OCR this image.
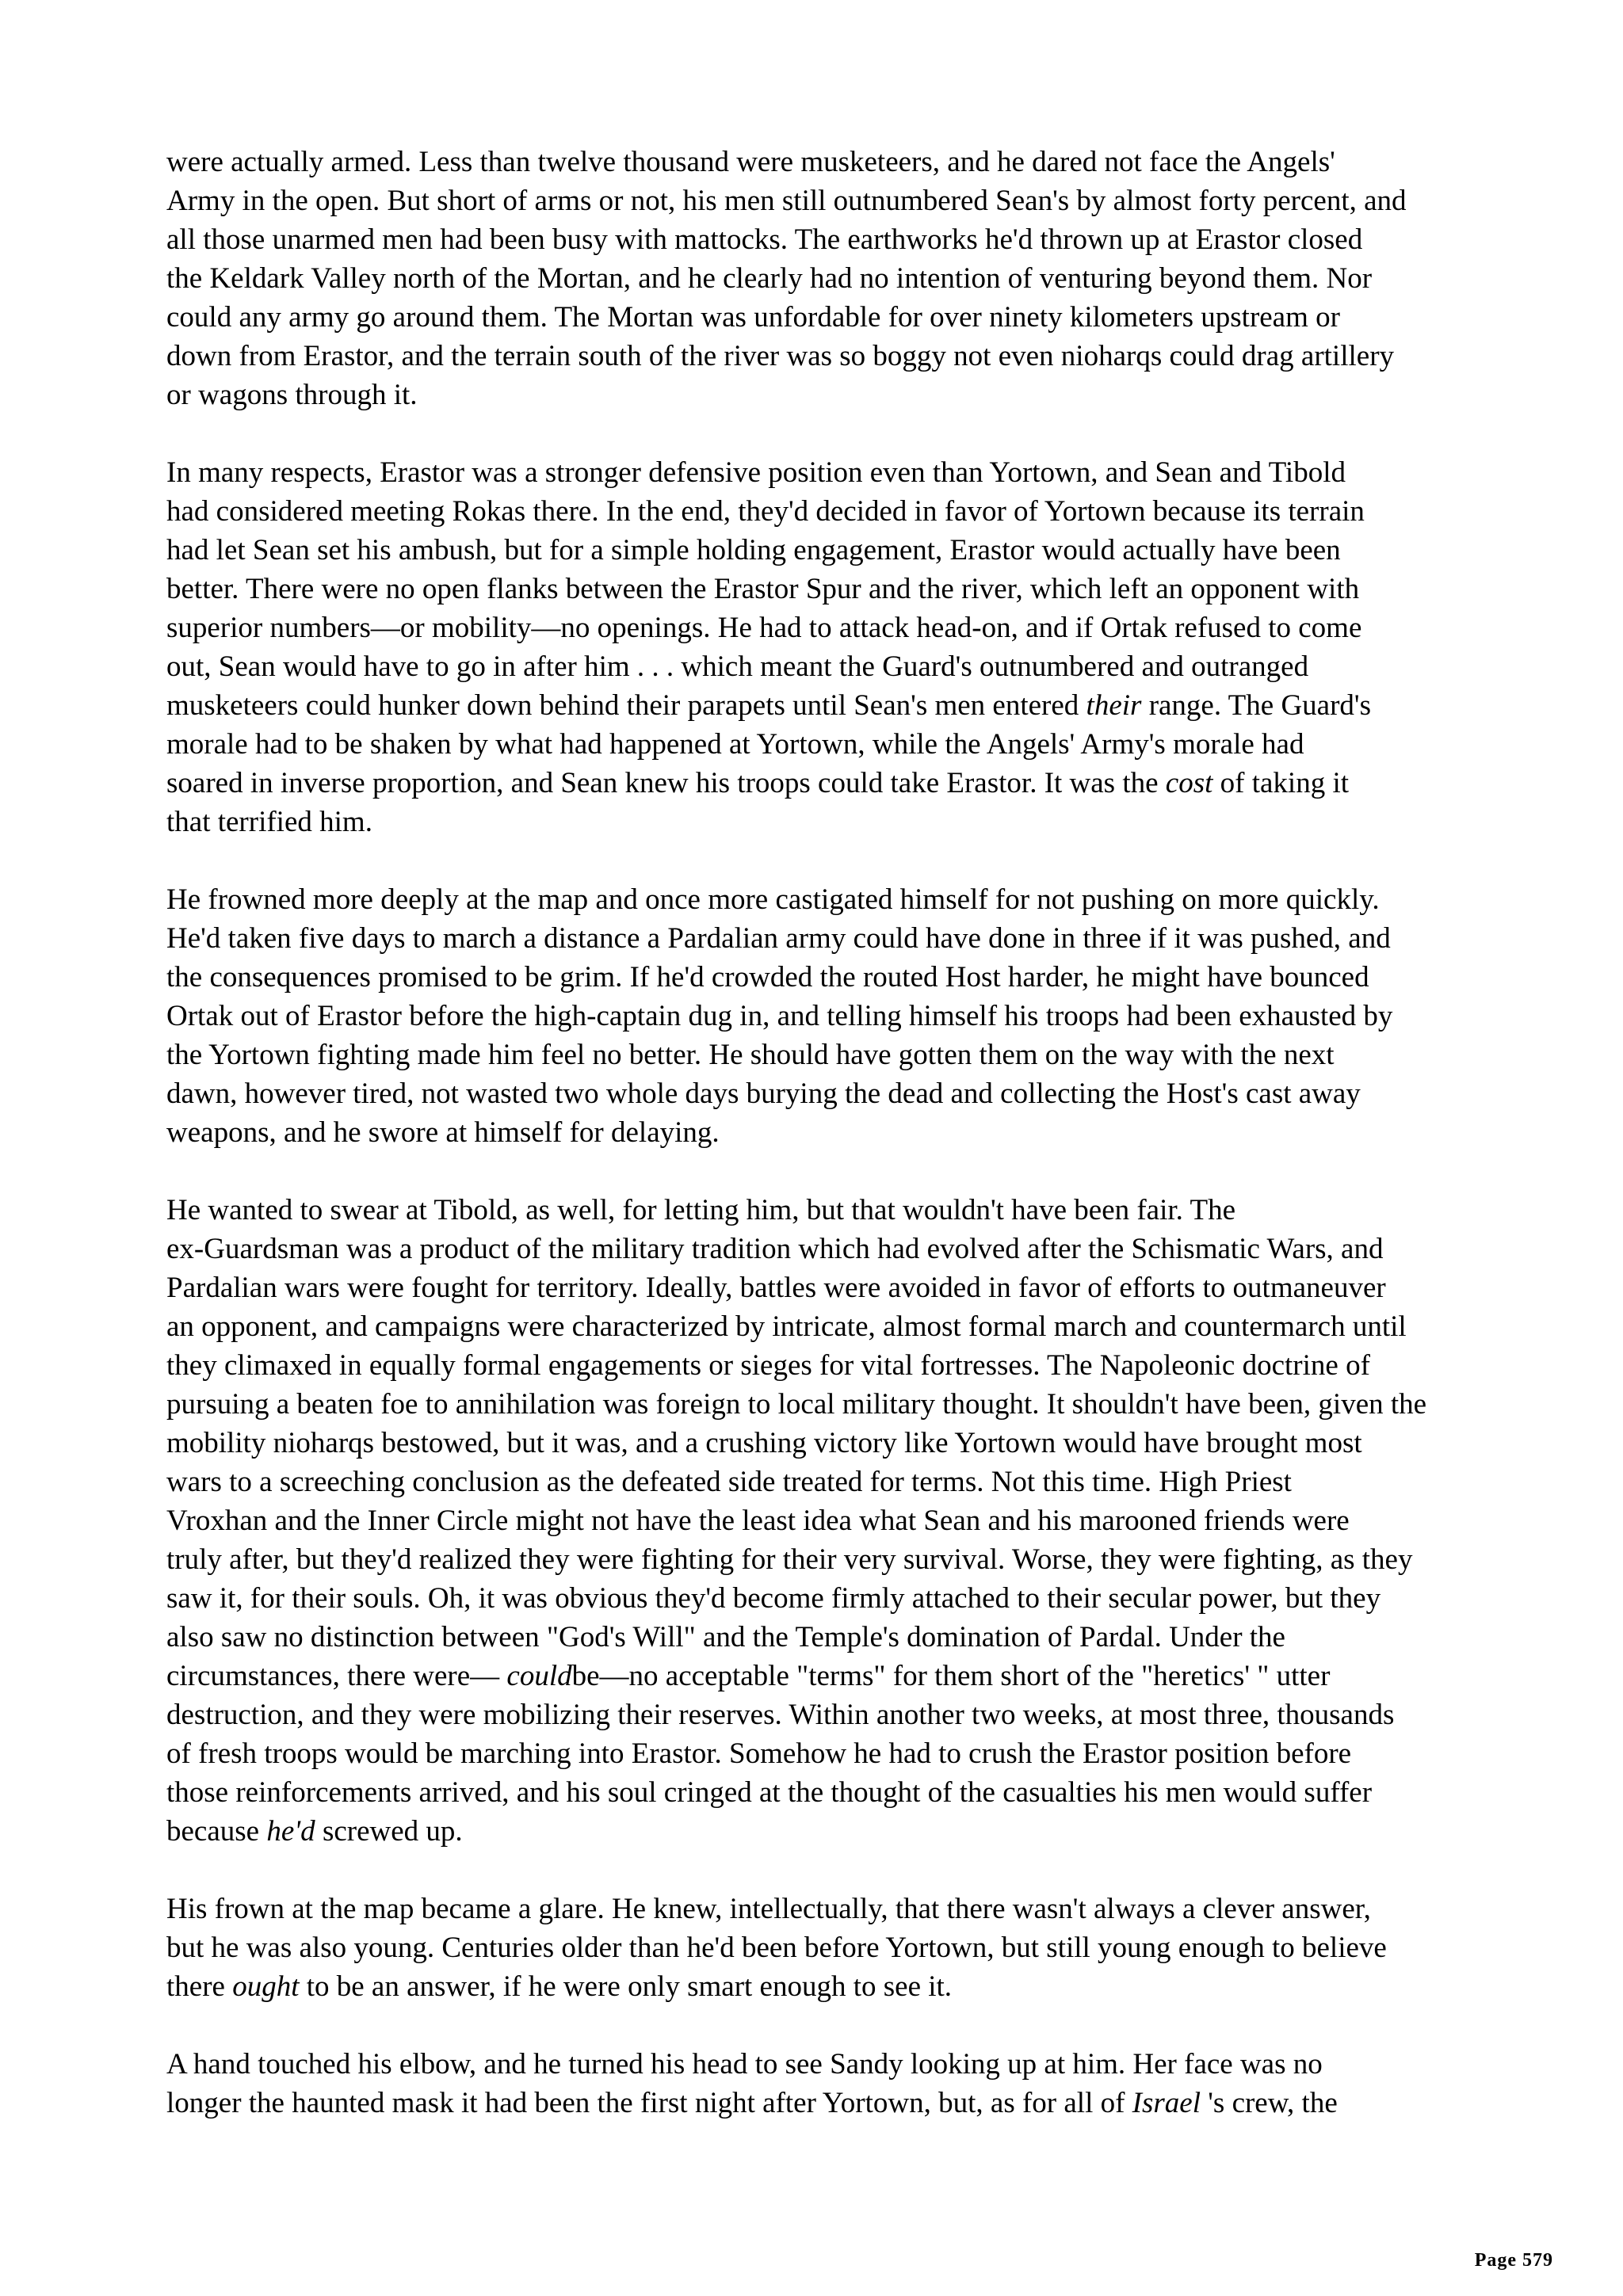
were actually armed. Less than twelve thousand were musketeers, and he dared not face the Angels'
Army in the open. But short of arms or not, his men still outnumbered Sean's by almost forty percent, and
all those unarmed men had been busy with mattocks. The earthworks he'd thrown up at Erastor closed
the Keldark Valley north of the Mortan, and he clearly had no intention of venturing beyond them. Nor
could any army go around them. The Mortan was unfordable for over ninety kilometers upstream or
down from Erastor, and the terrain south of the river was so boggy not even nioharqs could drag artillery
or wagons through it.
In many respects, Erastor was a stronger defensive position even than Yortown, and Sean and Tibold
had considered meeting Rokas there. In the end, they'd decided in favor of Yortown because its terrain
had let Sean set his ambush, but for a simple holding engagement, Erastor would actually have been
better. There were no open flanks between the Erastor Spur and the river, which left an opponent with
superior numbers—or mobility—no openings. He had to attack head-on, and if Ortak refused to come
out, Sean would have to go in after him . . . which meant the Guard's outnumbered and outranged
musketeers could hunker down behind their parapets until Sean's men entered their range. The Guard's
morale had to be shaken by what had happened at Yortown, while the Angels' Army's morale had
soared in inverse proportion, and Sean knew his troops could take Erastor. It was the cost of taking it
that terrified him.
He frowned more deeply at the map and once more castigated himself for not pushing on more quickly.
He'd taken five days to march a distance a Pardalian army could have done in three if it was pushed, and
the consequences promised to be grim. If he'd crowded the routed Host harder, he might have bounced
Ortak out of Erastor before the high-captain dug in, and telling himself his troops had been exhausted by
the Yortown fighting made him feel no better. He should have gotten them on the way with the next
dawn, however tired, not wasted two whole days burying the dead and collecting the Host's cast away
weapons, and he swore at himself for delaying.
He wanted to swear at Tibold, as well, for letting him, but that wouldn't have been fair. The
ex-Guardsman was a product of the military tradition which had evolved after the Schismatic Wars, and
Pardalian wars were fought for territory. Ideally, battles were avoided in favor of efforts to outmaneuver
an opponent, and campaigns were characterized by intricate, almost formal march and countermarch until
they climaxed in equally formal engagements or sieges for vital fortresses. The Napoleonic doctrine of
pursuing a beaten foe to annihilation was foreign to local military thought. It shouldn't have been, given the
mobility nioharqs bestowed, but it was, and a crushing victory like Yortown would have brought most
wars to a screeching conclusion as the defeated side treated for terms. Not this time. High Priest
Vroxhan and the Inner Circle might not have the least idea what Sean and his marooned friends were
truly after, but they'd realized they were fighting for their very survival. Worse, they were fighting, as they
saw it, for their souls. Oh, it was obvious they'd become firmly attached to their secular power, but they
also saw no distinction between "God's Will" and the Temple's domination of Pardal. Under the
circumstances, there were— couldbe—no acceptable "terms" for them short of the "heretics' " utter
destruction, and they were mobilizing their reserves. Within another two weeks, at most three, thousands
of fresh troops would be marching into Erastor. Somehow he had to crush the Erastor position before
those reinforcements arrived, and his soul cringed at the thought of the casualties his men would suffer
because he'd screwed up.
His frown at the map became a glare. He knew, intellectually, that there wasn't always a clever answer,
but he was also young. Centuries older than he'd been before Yortown, but still young enough to believe
there ought to be an answer, if he were only smart enough to see it.
A hand touched his elbow, and he turned his head to see Sandy looking up at him. Her face was no
longer the haunted mask it had been the first night after Yortown, but, as for all of Israel 's crew, the
Page 579
